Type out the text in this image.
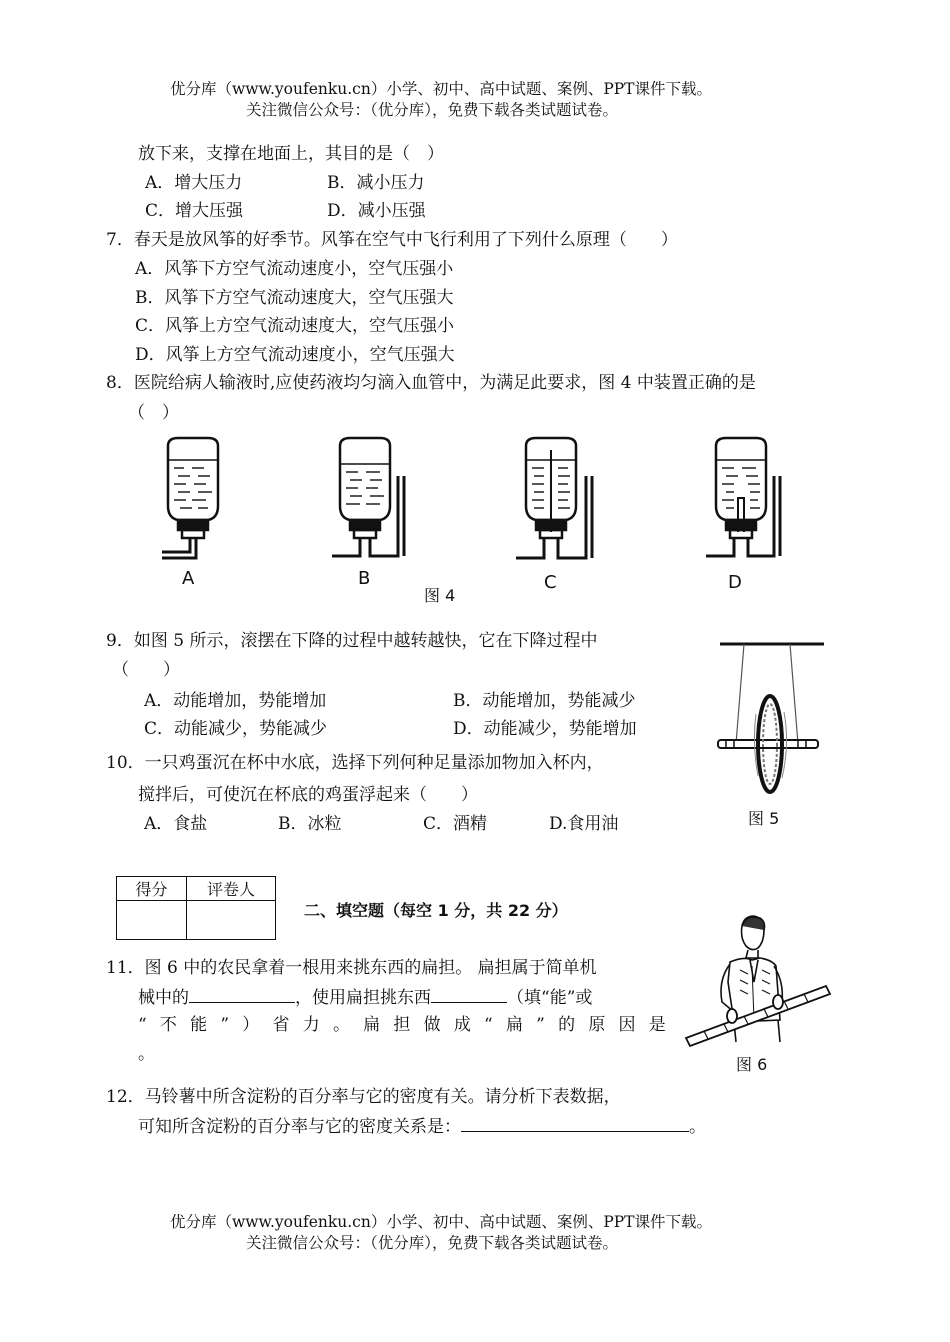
优分库（www.youfenku.cn）小学、初中、高中试题、案例、PPT课件下载。
关注微信公众号：（优分库），免费下载各类试题试卷。
放下来，支撑在地面上，其目的是（　）
A．增大压力	B．减小压力
C．增大压强	D．减小压强
7．春天是放风筝的好季节。风筝在空气中飞行利用了下列什么原理（　　）
A．风筝下方空气流动速度小，空气压强小
B．风筝下方空气流动速度大，空气压强大
C．风筝上方空气流动速度大，空气压强小
D．风筝上方空气流动速度小，空气压强大
8．医院给病人输液时,应使药液均匀滴入血管中，为满足此要求，图 4 中装置正确的是
（　）
A	B	C	D
图 4
9．如图 5 所示，滚摆在下降的过程中越转越快，它在下降过程中
（　　）
A．动能增加，势能增加	B．动能增加，势能减少
C．动能减少，势能减少	D．动能减少，势能增加
图 5
10．一只鸡蛋沉在杯中水底，选择下列何种足量添加物加入杯内，
搅拌后，可使沉在杯底的鸡蛋浮起来（　　）
A．食盐	B．冰粒	C．酒精	D.食用油
得分	评卷人

二、填空题（每空 1 分，共 22 分）
11．图 6 中的农民拿着一根用来挑东西的扁担。 扁担属于简单机
械中的	，使用扁担挑东西	（填“能”或
“ 不 能 ” ） 省 力 。 扁 担 做 成 “ 扁 ” 的 原 因 是
。
图 6
12．马铃薯中所含淀粉的百分率与它的密度有关。请分析下表数据，
可知所含淀粉的百分率与它的密度关系是：	。
优分库（www.youfenku.cn）小学、初中、高中试题、案例、PPT课件下载。
关注微信公众号：（优分库），免费下载各类试题试卷。
